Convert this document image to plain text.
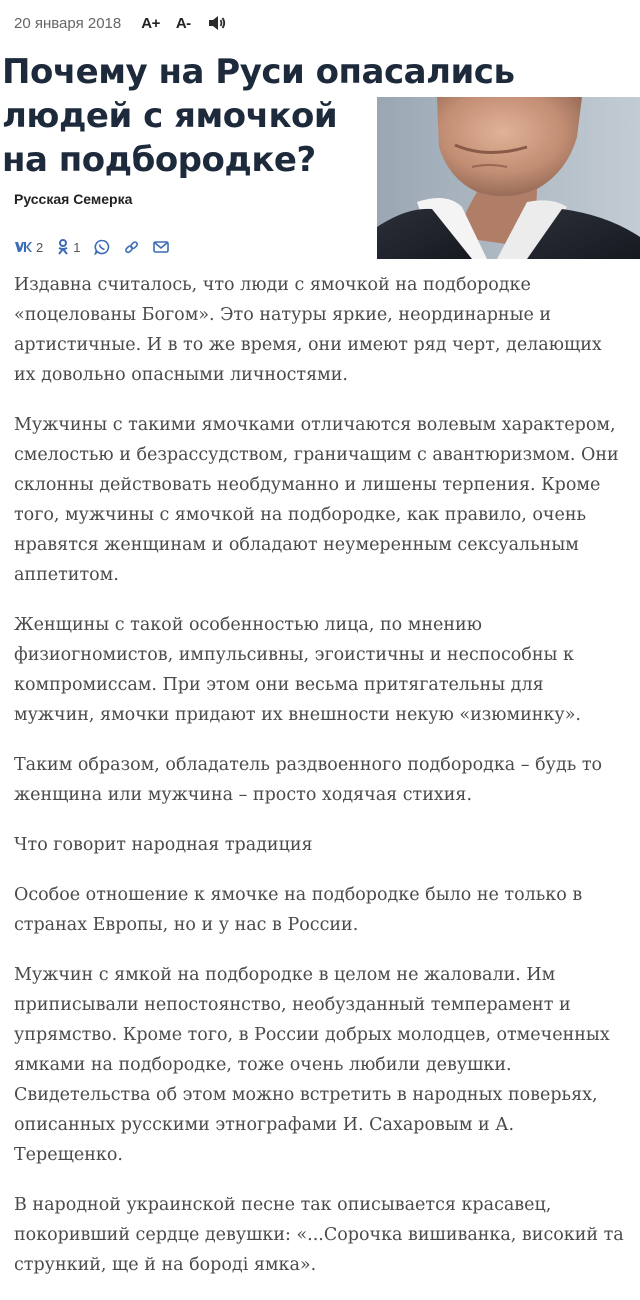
20 января 2018 A+ A-
Почему на Руси опасались
людей с ямочкой
на подбородке?
Русская Семерка
2 1

Издавна считалось, что люди с ямочкой на подбородке «поцелованы Богом». Это натуры яркие, неординарные и артистичные. И в то же время, они имеют ряд черт, делающих их довольно опасными личностями.

Мужчины с такими ямочками отличаются волевым характером, смелостью и безрассудством, граничащим с авантюризмом. Они склонны действовать необдуманно и лишены терпения. Кроме того, мужчины с ямочкой на подбородке, как правило, очень нравятся женщинам и обладают неумеренным сексуальным аппетитом.

Женщины с такой особенностью лица, по мнению физиогномистов, импульсивны, эгоистичны и неспособны к компромиссам. При этом они весьма притягательны для мужчин, ямочки придают их внешности некую «изюминку».

Таким образом, обладатель раздвоенного подбородка – будь то женщина или мужчина – просто ходячая стихия.

Что говорит народная традиция

Особое отношение к ямочке на подбородке было не только в странах Европы, но и у нас в России.

Мужчин с ямкой на подбородке в целом не жаловали. Им приписывали непостоянство, необузданный темперамент и упрямство. Кроме того, в России добрых молодцев, отмеченных ямками на подбородке, тоже очень любили девушки. Свидетельства об этом можно встретить в народных поверьях, описанных русскими этнографами И. Сахаровым и А. Терещенко.

В народной украинской песне так описывается красавец, покоривший сердце девушки: «...Сорочка вишиванка, високий та стрункий, ще й на бороді ямка».
